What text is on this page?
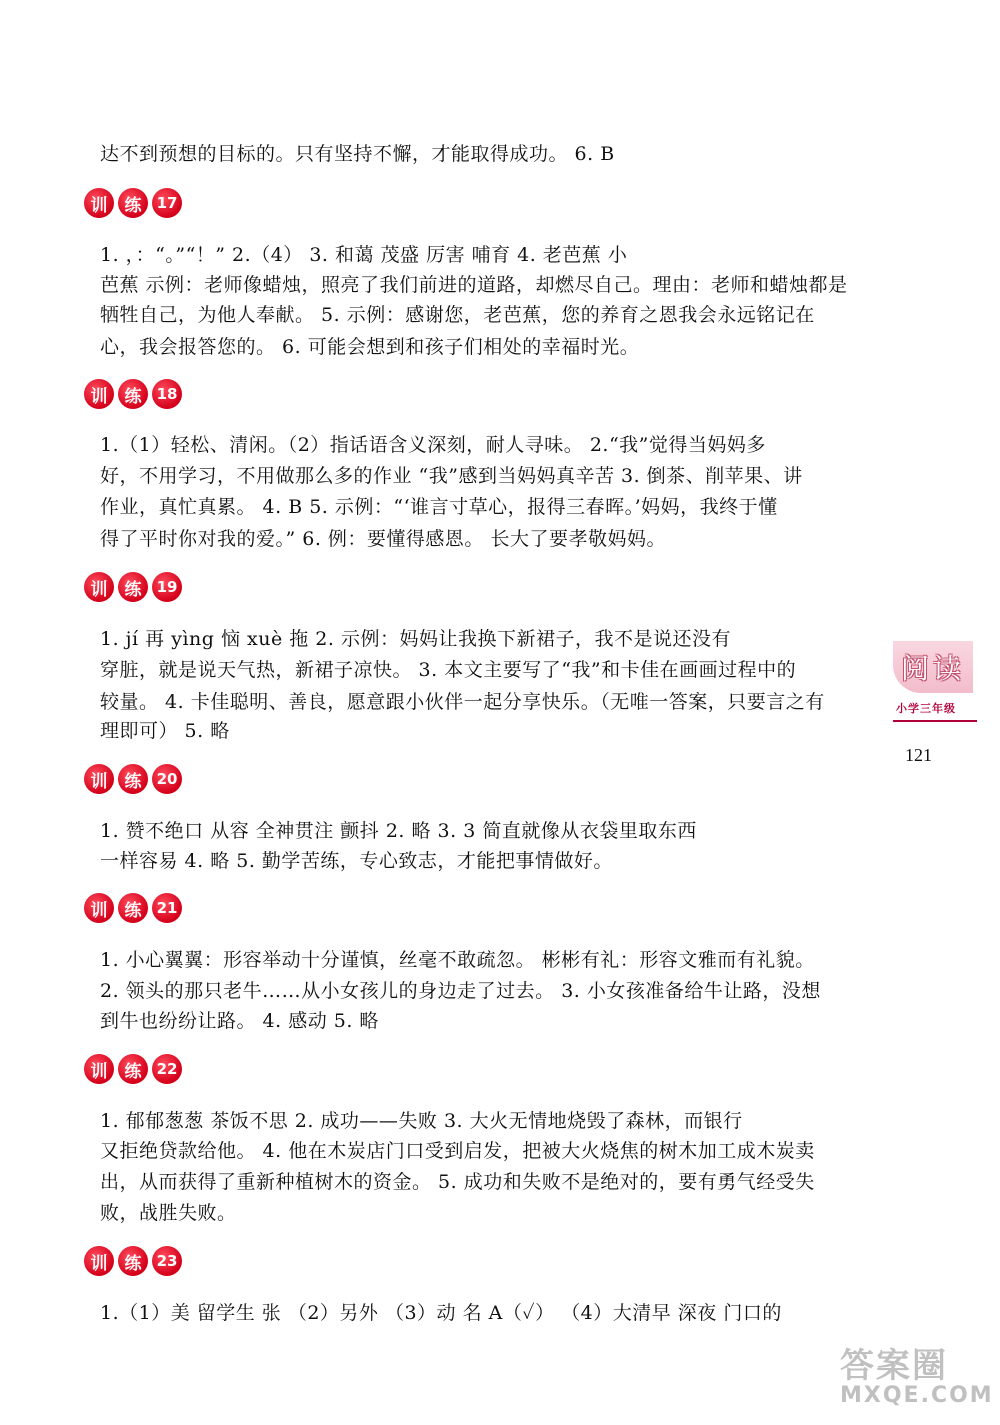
达不到预想的目标的。只有坚持不懈，才能取得成功。 6. B

训	练	17

1. ，：“。”“！” 2.（4） 3. 和蔼 茂盛 厉害 哺育 4. 老芭蕉 小

芭蕉 示例：老师像蜡烛，照亮了我们前进的道路，却燃尽自己。理由：老师和蜡烛都是

牺牲自己，为他人奉献。 5. 示例：感谢您，老芭蕉，您的养育之恩我会永远铭记在

心，我会报答您的。 6. 可能会想到和孩子们相处的幸福时光。

训	练	18

1.（1）轻松、清闲。（2）指话语含义深刻，耐人寻味。 2.“我”觉得当妈妈多

好，不用学习，不用做那么多的作业 “我”感到当妈妈真辛苦 3. 倒茶、削苹果、讲

作业，真忙真累。 4. B 5. 示例：“‘谁言寸草心，报得三春晖。’妈妈，我终于懂

得了平时你对我的爱。” 6. 例：要懂得感恩。 长大了要孝敬妈妈。

训	练	19

1. jí 再 yìng 恼 xuè 拖 2. 示例：妈妈让我换下新裙子，我不是说还没有

穿脏，就是说天气热，新裙子凉快。 3. 本文主要写了“我”和卡佳在画画过程中的

较量。 4. 卡佳聪明、善良，愿意跟小伙伴一起分享快乐。（无唯一答案，只要言之有

理即可） 5. 略

训	练	20

1. 赞不绝口 从容 全神贯注 颤抖 2. 略 3. 3 简直就像从衣袋里取东西

一样容易 4. 略 5. 勤学苦练，专心致志，才能把事情做好。

训	练	21

1. 小心翼翼：形容举动十分谨慎，丝毫不敢疏忽。 彬彬有礼：形容文雅而有礼貌。

2. 领头的那只老牛……从小女孩儿的身边走了过去。 3. 小女孩准备给牛让路，没想

到牛也纷纷让路。 4. 感动 5. 略

训	练	22

1. 郁郁葱葱 茶饭不思 2. 成功——失败 3. 大火无情地烧毁了森林，而银行

又拒绝贷款给他。 4. 他在木炭店门口受到启发，把被大火烧焦的树木加工成木炭卖

出，从而获得了重新种植树木的资金。 5. 成功和失败不是绝对的，要有勇气经受失

败，战胜失败。

训	练	23

1.（1）美 留学生 张 （2）另外 （3）动 名 A（✓） （4）大清早 深夜 门口的

阅读
小学三年级
121
答案圈
MXQE.COM
